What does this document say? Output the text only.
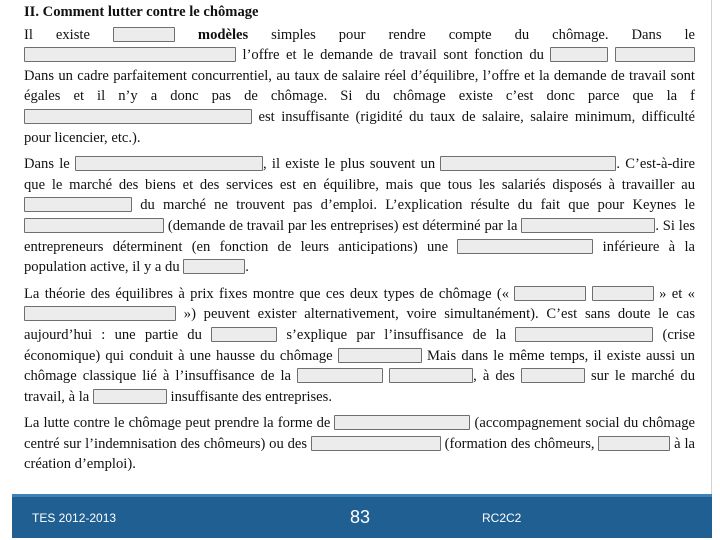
II. Comment lutter contre le chômage

Il existe	modèles simples pour rendre compte du chômage. Dans le  l’offre et le demande de travail sont fonction du   Dans un cadre parfaitement concurrentiel, au taux de salaire réel d’équilibre, l’offre et la demande de travail sont égales et il n’y a donc pas de chômage. Si du chômage existe c’est donc parce que la f est insuffisante (rigidité du taux de salaire, salaire minimum, difficulté pour licencier, etc.).

Dans le	, il existe le plus souvent un	. C’est-à-dire que le marché des biens et des services est en équilibre, mais que tous les salariés disposés à travailler au  du marché ne trouvent pas d’emploi. L’explication résulte du fait que pour Keynes le  (demande de travail par les entreprises) est déterminé par la	. Si les entrepreneurs déterminent (en fonction de leurs anticipations) une	inférieure à la population active, il y a du	.

La théorie des équilibres à prix fixes montre que ces deux types de chômage («	» et «  ») peuvent exister alternativement, voire simultanément). C’est sans doute le cas aujourd’hui : une partie du	s’explique par l’insuffisance de la	(crise économique) qui conduit à une hausse du chômage	Mais dans le même temps, il existe aussi un chômage classique lié à l’insuffisance de la	, à des	sur le marché du travail, à la	insuffisante des entreprises.

La lutte contre le chômage peut prendre la forme de	(accompagnement social du chômage centré sur l’indemnisation des chômeurs) ou des	(formation des chômeurs,	à la création d’emploi).

TES 2012-2013	83	RC2C2
